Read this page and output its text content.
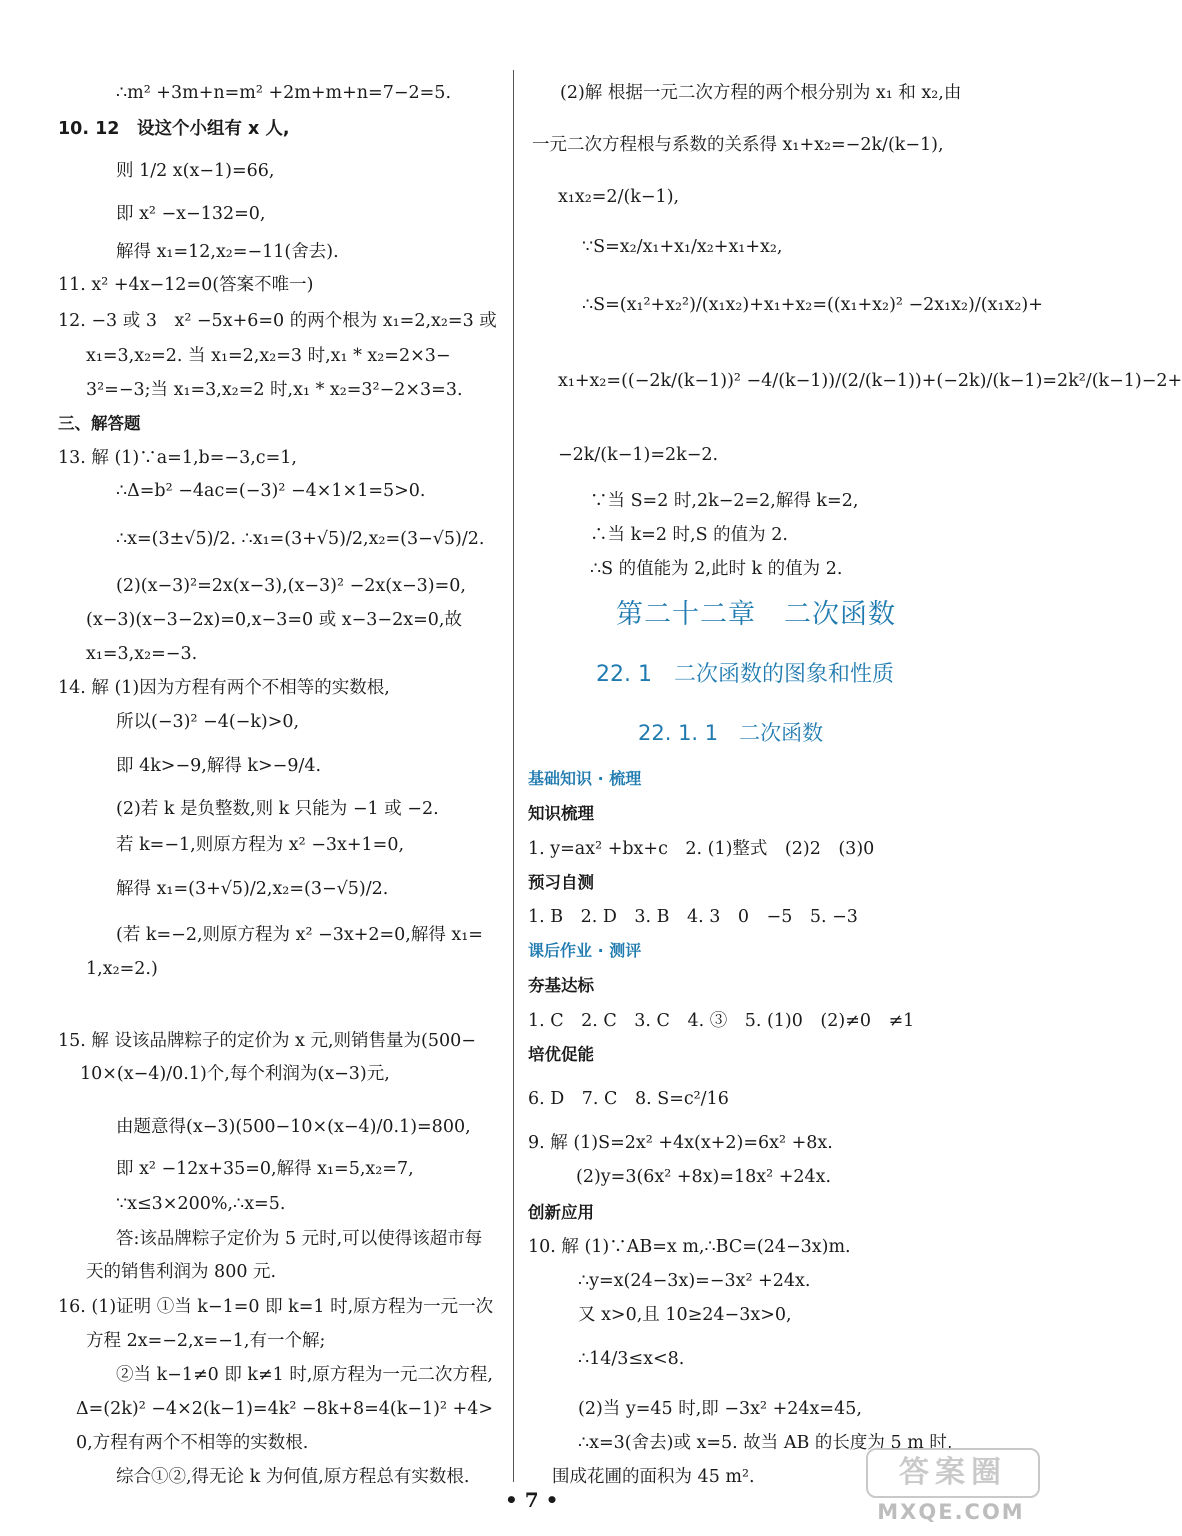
∴m² +3m+n=m² +2m+m+n=7−2=5.
10. 12　设这个小组有 x 人,
则 1/2 x(x−1)=66,
即 x² −x−132=0,
解得 x₁=12,x₂=−11(舍去).
11. x² +4x−12=0(答案不唯一)
12. −3 或 3　x² −5x+6=0 的两个根为 x₁=2,x₂=3 或
x₁=3,x₂=2. 当 x₁=2,x₂=3 时,x₁ * x₂=2×3−
3²=−3;当 x₁=3,x₂=2 时,x₁ * x₂=3²−2×3=3.
三、解答题
13. 解 (1)∵a=1,b=−3,c=1,
∴Δ=b² −4ac=(−3)² −4×1×1=5>0.
∴x=(3±√5)/2. ∴x₁=(3+√5)/2,x₂=(3−√5)/2.
(2)(x−3)²=2x(x−3),(x−3)² −2x(x−3)=0,
(x−3)(x−3−2x)=0,x−3=0 或 x−3−2x=0,故
x₁=3,x₂=−3.
14. 解 (1)因为方程有两个不相等的实数根,
所以(−3)² −4(−k)>0,
即 4k>−9,解得 k>−9/4.
(2)若 k 是负整数,则 k 只能为 −1 或 −2.
若 k=−1,则原方程为 x² −3x+1=0,
解得 x₁=(3+√5)/2,x₂=(3−√5)/2.
(若 k=−2,则原方程为 x² −3x+2=0,解得 x₁=
1,x₂=2.)
15. 解 设该品牌粽子的定价为 x 元,则销售量为(500−
10×(x−4)/0.1)个,每个利润为(x−3)元,
由题意得(x−3)(500−10×(x−4)/0.1)=800,
即 x² −12x+35=0,解得 x₁=5,x₂=7,
∵x≤3×200%,∴x=5.
答:该品牌粽子定价为 5 元时,可以使得该超市每
天的销售利润为 800 元.
16. (1)证明 ①当 k−1=0 即 k=1 时,原方程为一元一次
方程 2x=−2,x=−1,有一个解;
②当 k−1≠0 即 k≠1 时,原方程为一元二次方程,
Δ=(2k)² −4×2(k−1)=4k² −8k+8=4(k−1)² +4>
0,方程有两个不相等的实数根.
综合①②,得无论 k 为何值,原方程总有实数根.
(2)解 根据一元二次方程的两个根分别为 x₁ 和 x₂,由
一元二次方程根与系数的关系得 x₁+x₂=−2k/(k−1),
x₁x₂=2/(k−1),
∵S=x₂/x₁+x₁/x₂+x₁+x₂,
∴S=(x₁²+x₂²)/(x₁x₂)+x₁+x₂=((x₁+x₂)² −2x₁x₂)/(x₁x₂)+
x₁+x₂=((−2k/(k−1))² −4/(k−1))/(2/(k−1))+(−2k)/(k−1)=2k²/(k−1)−2+
−2k/(k−1)=2k−2.
∵当 S=2 时,2k−2=2,解得 k=2,
∴当 k=2 时,S 的值为 2.
∴S 的值能为 2,此时 k 的值为 2.
第二十二章　二次函数
22. 1　二次函数的图象和性质
22. 1. 1　二次函数
基础知识 · 梳理
知识梳理
1. y=ax² +bx+c　2. (1)整式　(2)2　(3)0
预习自测
1. B　2. D　3. B　4. 3　0　−5　5. −3
课后作业 · 测评
夯基达标
1. C　2. C　3. C　4. ③　5. (1)0　(2)≠0　≠1
培优促能
6. D　7. C　8. S=c²/16
9. 解 (1)S=2x² +4x(x+2)=6x² +8x.
(2)y=3(6x² +8x)=18x² +24x.
创新应用
10. 解 (1)∵AB=x m,∴BC=(24−3x)m.
∴y=x(24−3x)=−3x² +24x.
又 x>0,且 10≥24−3x>0,
∴14/3≤x<8.
(2)当 y=45 时,即 −3x² +24x=45,
∴x=3(舍去)或 x=5. 故当 AB 的长度为 5 m 时,
围成花圃的面积为 45 m².
• 7 •
答案圈
MXQE.COM
